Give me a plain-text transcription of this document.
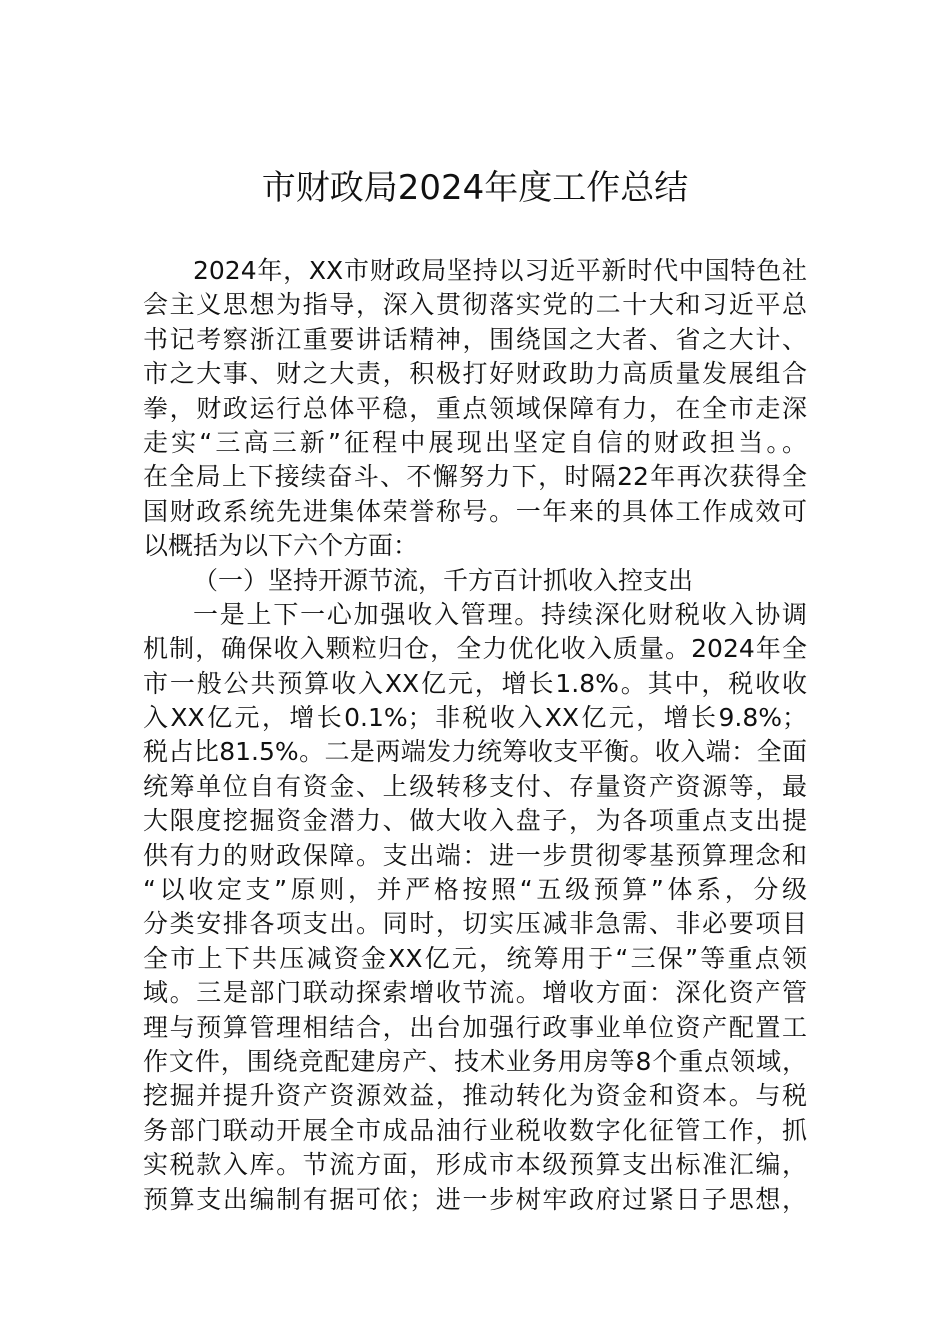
市财政局2024年度工作总结
2024年，XX市财政局坚持以习近平新时代中国特色社
会主义思想为指导，深入贯彻落实党的二十大和习近平总
书记考察浙江重要讲话精神，围绕国之大者、省之大计、
市之大事、财之大责，积极打好财政助力高质量发展组合
拳，财政运行总体平稳，重点领域保障有力，在全市走深
走实“三高三新”征程中展现出坚定自信的财政担当。。
在全局上下接续奋斗、不懈努力下，时隔22年再次获得全
国财政系统先进集体荣誉称号。一年来的具体工作成效可
以概括为以下六个方面：
（一）坚持开源节流，千方百计抓收入控支出
一是上下一心加强收入管理。持续深化财税收入协调
机制，确保收入颗粒归仓，全力优化收入质量。2024年全
市一般公共预算收入XX亿元，增长1.8%。其中，税收收
入XX亿元，增长0.1%；非税收入XX亿元，增长9.8%；
税占比81.5%。二是两端发力统筹收支平衡。收入端：全面
统筹单位自有资金、上级转移支付、存量资产资源等，最
大限度挖掘资金潜力、做大收入盘子，为各项重点支出提
供有力的财政保障。支出端：进一步贯彻零基预算理念和
“以收定支”原则，并严格按照“五级预算”体系，分级
分类安排各项支出。同时，切实压减非急需、非必要项目
全市上下共压减资金XX亿元，统筹用于“三保”等重点领
域。三是部门联动探索增收节流。增收方面：深化资产管
理与预算管理相结合，出台加强行政事业单位资产配置工
作文件，围绕竞配建房产、技术业务用房等8个重点领域，
挖掘并提升资产资源效益，推动转化为资金和资本。与税
务部门联动开展全市成品油行业税收数字化征管工作，抓
实税款入库。节流方面，形成市本级预算支出标准汇编，
预算支出编制有据可依；进一步树牢政府过紧日子思想，
